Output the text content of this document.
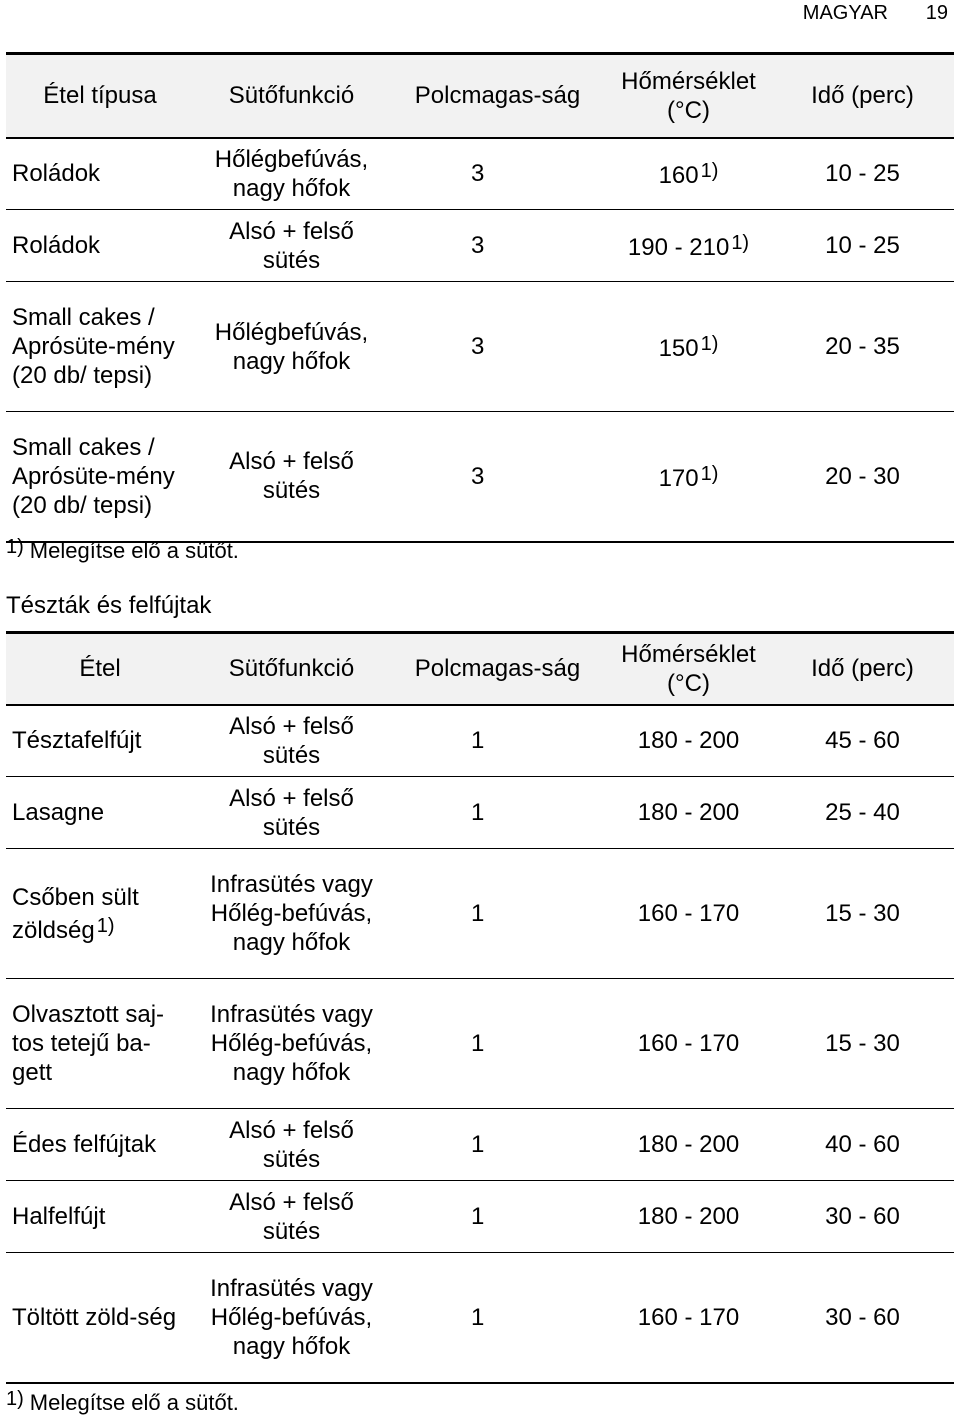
MAGYAR 19
Étel típusa	Sütőfunkció	Polcmagas-ság	Hőmérséklet (°C)	Idő (perc)
Roládok	Hőlégbefúvás, nagy hőfok	3	160 $^{1)}$	10 - 25
Roládok	Alsó + felső sütés	3	190 - 210 $^{1)}$	10 - 25
Small cakes / Aprósüte-mény (20 db/ tepsi)	Hőlégbefúvás, nagy hőfok	3	150 $^{1)}$	20 - 35
Small cakes / Aprósüte-mény (20 db/ tepsi)	Alsó + felső sütés	3	170 $^{1)}$	20 - 30
1) Melegítse elő a sütőt.
Tészták és felfújtak
Étel	Sütőfunkció	Polcmagas-ság	Hőmérséklet (°C)	Idő (perc)
Tésztafelfújt	Alsó + felső sütés	1	180 - 200	45 - 60
Lasagne	Alsó + felső sütés	1	180 - 200	25 - 40
Csőben sült zöldség $^{1)}$	Infrasütés vagy Hőlég-befúvás, nagy hőfok	1	160 - 170	15 - 30
Olvasztott saj-tos tetejű ba-gett	Infrasütés vagy Hőlég-befúvás, nagy hőfok	1	160 - 170	15 - 30
Édes felfújtak	Alsó + felső sütés	1	180 - 200	40 - 60
Halfelfújt	Alsó + felső sütés	1	180 - 200	30 - 60
Töltött zöld-ség	Infrasütés vagy Hőlég-befúvás, nagy hőfok	1	160 - 170	30 - 60
1) Melegítse elő a sütőt.
